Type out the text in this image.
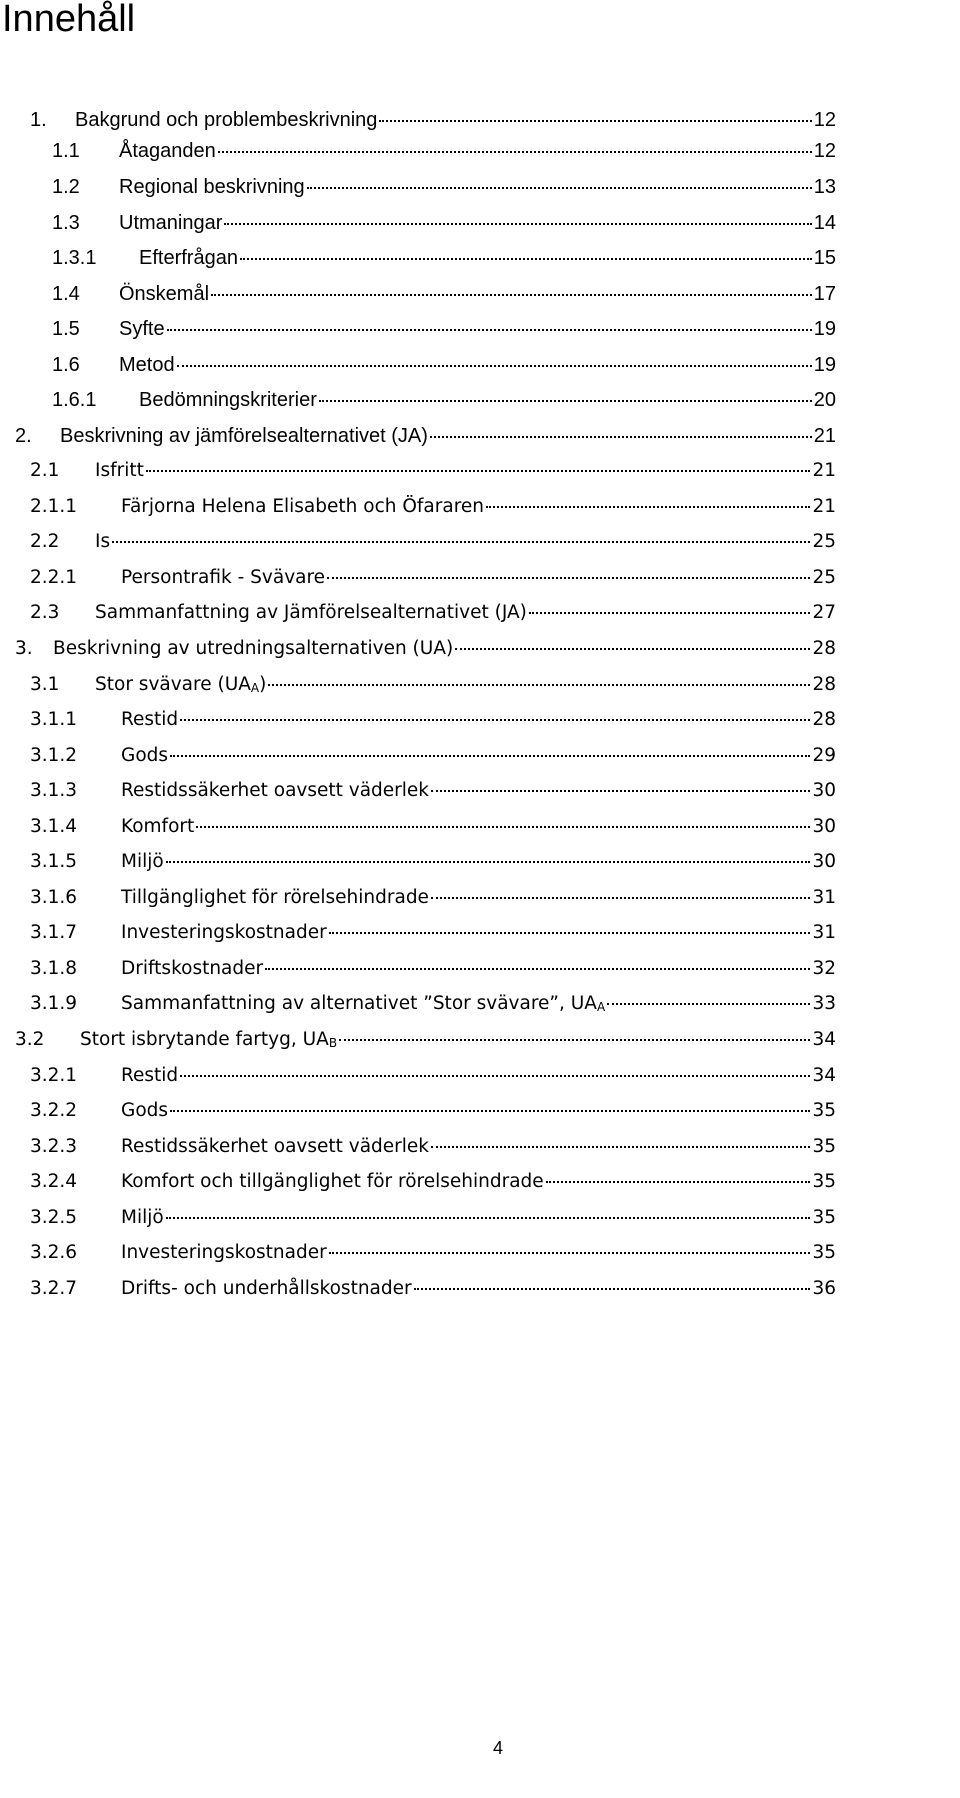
Innehåll
1.	Bakgrund och problembeskrivning	12
1.1	Åtaganden	12
1.2	Regional beskrivning	13
1.3	Utmaningar	14
1.3.1	Efterfrågan	15
1.4	Önskemål	17
1.5	Syfte	19
1.6	Metod	19
1.6.1	Bedömningskriterier	20
2.	Beskrivning av jämförelsealternativet (JA)	21
2.1	Isfritt	21
2.1.1	Färjorna Helena Elisabeth och Öfararen	21
2.2	Is	25
2.2.1	Persontrafik - Svävare	25
2.3	Sammanfattning av Jämförelsealternativet (JA)	27
3.	Beskrivning av utredningsalternativen (UA)	28
3.1	Stor svävare $(UA_A)$	28
3.1.1	Restid	28
3.1.2	Gods	29
3.1.3	Restidssäkerhet oavsett väderlek	30
3.1.4	Komfort	30
3.1.5	Miljö	30
3.1.6	Tillgänglighet för rörelsehindrade	31
3.1.7	Investeringskostnader	31
3.1.8	Driftskostnader	32
3.1.9	Sammanfattning av alternativet ”Stor svävare”, $UA_A$	33
3.2	Stort isbrytande fartyg, $UA_B$	34
3.2.1	Restid	34
3.2.2	Gods	35
3.2.3	Restidssäkerhet oavsett väderlek	35
3.2.4	Komfort och tillgänglighet för rörelsehindrade	35
3.2.5	Miljö	35
3.2.6	Investeringskostnader	35
3.2.7	Drifts- och underhållskostnader	36
4
